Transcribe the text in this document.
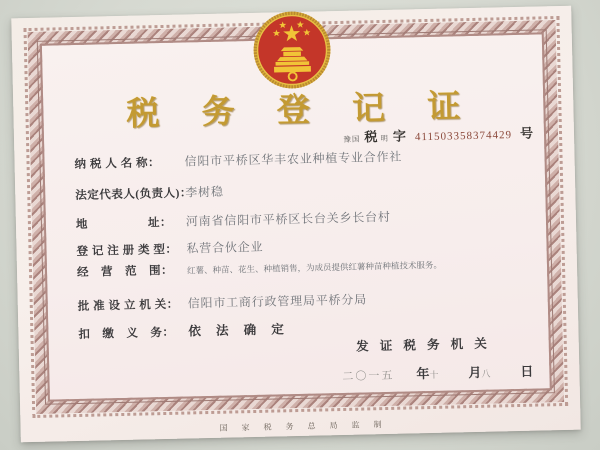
税 务 登 记 证
豫国 税 明 字 411503358374429 号
纳 税 人 名 称：	信阳市平桥区华丰农业种植专业合作社
法定代表人(负责人)：
李树稳
地　　　　　址：	河南省信阳市平桥区长台关乡长台村
登 记 注 册 类 型： 私营合伙企业
经　营　范　围：	红薯、种苗、花生、种植销售，为成员提供红薯种苗种植技术服务。
批 准 设 立 机 关： 信阳市工商行政管理局平桥分局
扣　缴　义　务：	依 法 确 定
发 证 税 务 机 关
二〇一五 年十 月八 日
国 家 税 务 总 局 监 制
